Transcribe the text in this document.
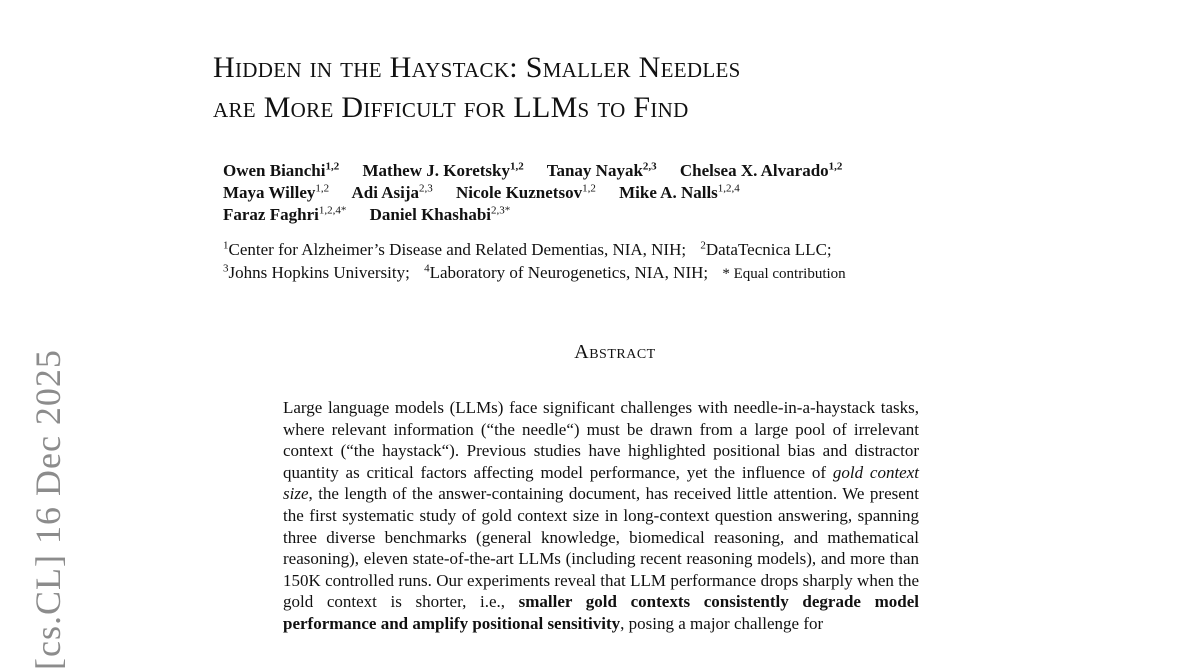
[cs.CL] 16 Dec 2025
Hidden in the Haystack: Smaller Needles
are More Difficult for LLMs to Find
Owen Bianchi$^{1,2}$ Mathew J. Koretsky$^{1,2}$ Tanay Nayak$^{2,3}$ Chelsea X. Alvarado$^{1,2}$
Maya Willey$^{1,2}$ Adi Asija$^{2,3}$ Nicole Kuznetsov$^{1,2}$ Mike A. Nalls$^{1,2,4}$
Faraz Faghri$^{1,2,4*}$ Daniel Khashabi$^{2,3*}$
$^1$Center for Alzheimer’s Disease and Related Dementias, NIA, NIH; $^2$DataTecnica LLC;
$^3$Johns Hopkins University; $^4$Laboratory of Neurogenetics, NIA, NIH; * Equal contribution
Abstract
Large language models (LLMs) face significant challenges with needle-in-a-haystack tasks, where relevant information (“the needle“) must be drawn from a large pool of irrelevant context (“the haystack“). Previous studies have highlighted positional bias and distractor quantity as critical factors affecting model performance, yet the influence of gold context size, the length of the answer-containing document, has received little attention. We present the first systematic study of gold context size in long-context question answering, spanning three diverse benchmarks (general knowledge, biomedical reasoning, and mathematical reasoning), eleven state-of-the-art LLMs (including recent reasoning models), and more than 150K controlled runs. Our experiments reveal that LLM performance drops sharply when the gold context is shorter, i.e., smaller gold contexts consistently degrade model performance and amplify positional sensitivity, posing a major challenge for
